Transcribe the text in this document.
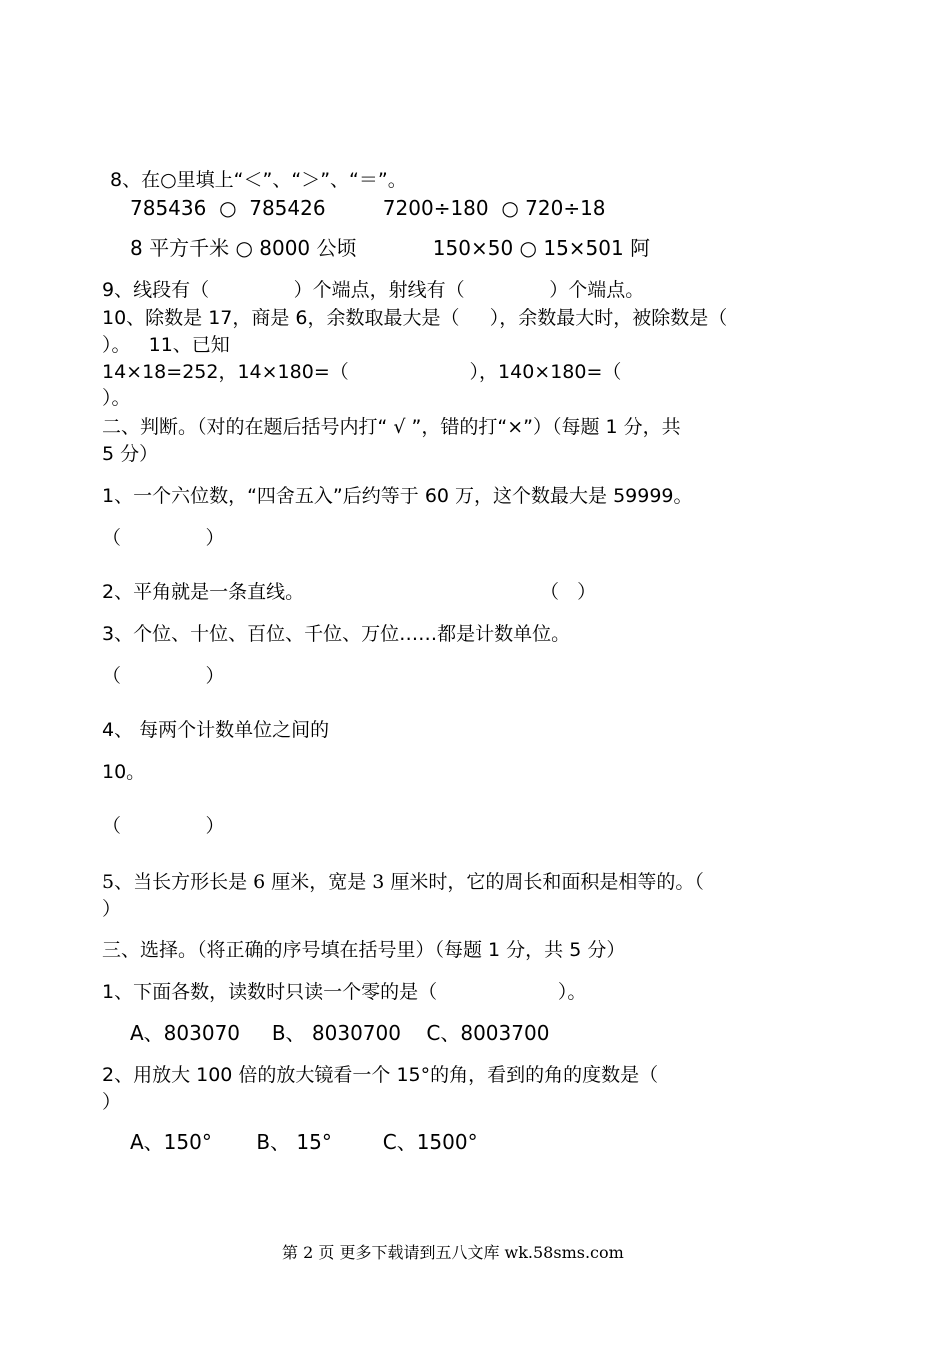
8、在○里填上“＜”、“＞”、“＝”。
785436  ○  785426         7200÷180  ○ 720÷18
8 平方千米 ○ 8000 公顷            150×50 ○ 15×501 阿
9、线段有（              ）个端点，射线有（              ）个端点。
10、除数是 17，商是 6，余数取最大是（     ），余数最大时，被除数是（
）。   11、已知
14×18=252，14×180=（                    ），140×180=（
）。
二、判断。（对的在题后括号内打“ √ ”，错的打“×”）（每题 1 分，共
5 分）
1、一个六位数，“四舍五入”后约等于 60 万，这个数最大是 59999。
（              ）
2、平角就是一条直线。	（   ）
3、个位、十位、百位、千位、万位……都是计数单位。
（              ）
4、 每两个计数单位之间的
10。
（              ）
5、当长方形长是 6 厘米，宽是 3 厘米时，它的周长和面积是相等的。（
）
三、选择。（将正确的序号填在括号里）（每题 1 分，共 5 分）
1、下面各数，读数时只读一个零的是（                    ）。
A、803070     B、 8030700    C、8003700
2、用放大 100 倍的放大镜看一个 15°的角，看到的角的度数是（
）
A、150°       B、 15°        C、1500°
第 2 页 更多下载请到五八文库 wk.58sms.com
